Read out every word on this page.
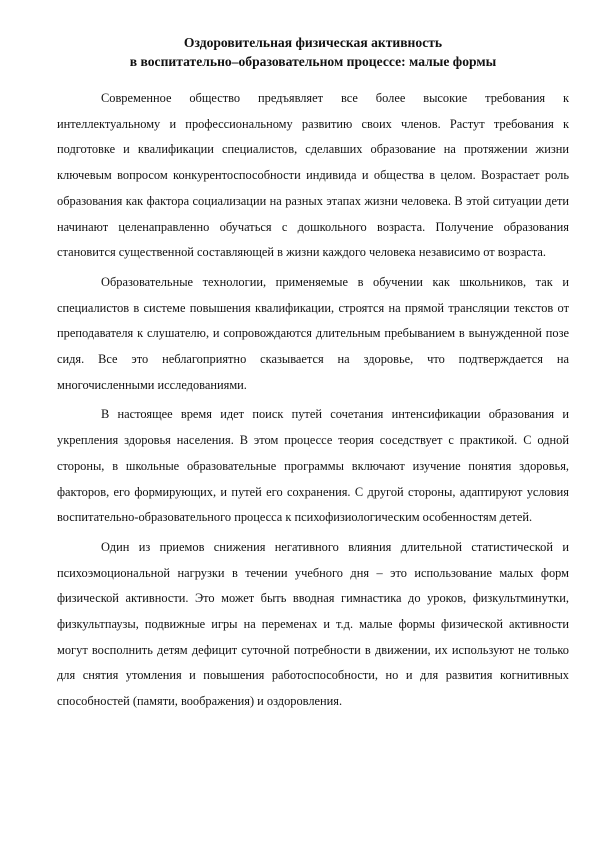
Оздоровительная физическая активность
в воспитательно–образовательном процессе: малые формы

Современное общество предъявляет все более высокие требования к интеллектуальному и профессиональному развитию своих членов. Растут требования к подготовке и квалификации специалистов, сделавших образование на протяжении жизни ключевым вопросом конкурентоспособности индивида и общества в целом. Возрастает роль образования как фактора социализации на разных этапах жизни человека. В этой ситуации дети начинают целенаправленно обучаться с дошкольного возраста. Получение образования становится существенной составляющей в жизни каждого человека независимо от возраста.

Образовательные технологии, применяемые в обучении как школьников, так и специалистов в системе повышения квалификации, строятся на прямой трансляции текстов от преподавателя к слушателю, и сопровождаются длительным пребыванием в вынужденной позе сидя. Все это неблагоприятно сказывается на здоровье, что подтверждается на многочисленными исследованиями.

В настоящее время идет поиск путей сочетания интенсификации образования и укрепления здоровья населения. В этом процессе теория соседствует с практикой. С одной стороны, в школьные образовательные программы включают изучение понятия здоровья, факторов, его формирующих, и путей его сохранения. С другой стороны, адаптируют условия воспитательно-образовательного процесса к психофизиологическим особенностям детей.

Один из приемов снижения негативного влияния длительной статистической и психоэмоциональной нагрузки в течении учебного дня – это использование малых форм физической активности. Это может быть вводная гимнастика до уроков, физкультминутки, физкультпаузы, подвижные игры на переменах и т.д. малые формы физической активности могут восполнить детям дефицит суточной потребности в движении, их используют не только для снятия утомления и повышения работоспособности, но и для развития когнитивных способностей (памяти, воображения) и оздоровления.
